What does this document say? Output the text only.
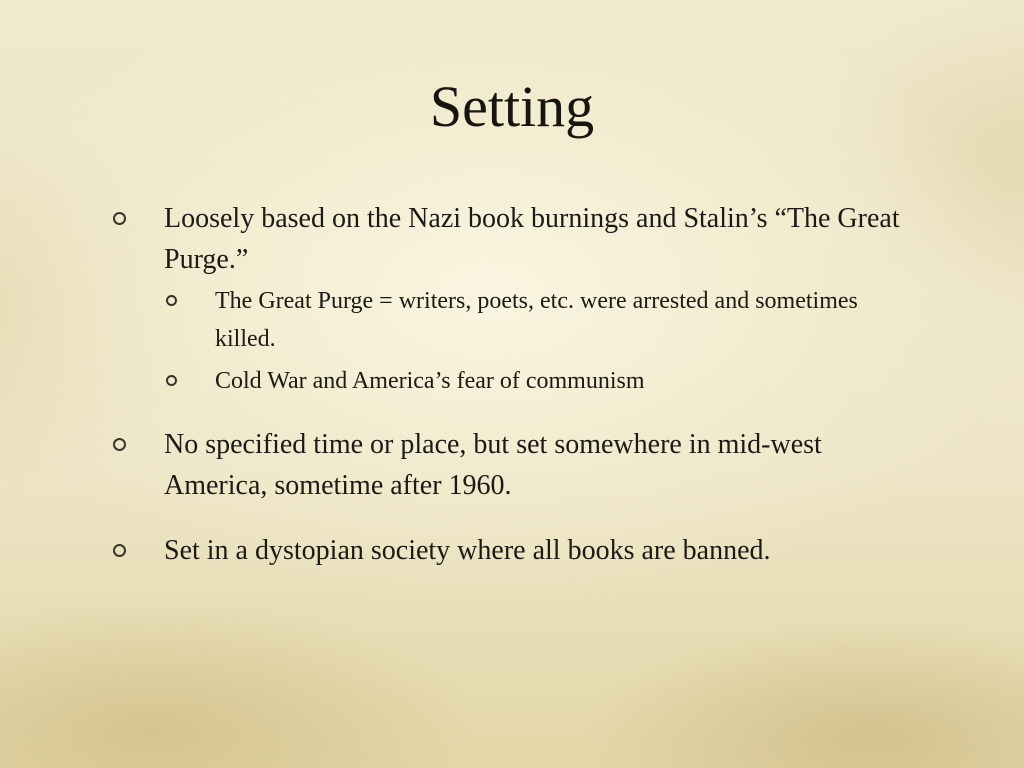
Setting
Loosely based on the Nazi book burnings and Stalin’s “The Great Purge.”
The Great Purge = writers, poets, etc. were arrested and sometimes killed.
Cold War and America’s fear of communism
No specified time or place, but set somewhere in mid-west America, sometime after 1960.
Set in a dystopian society where all books are banned.
